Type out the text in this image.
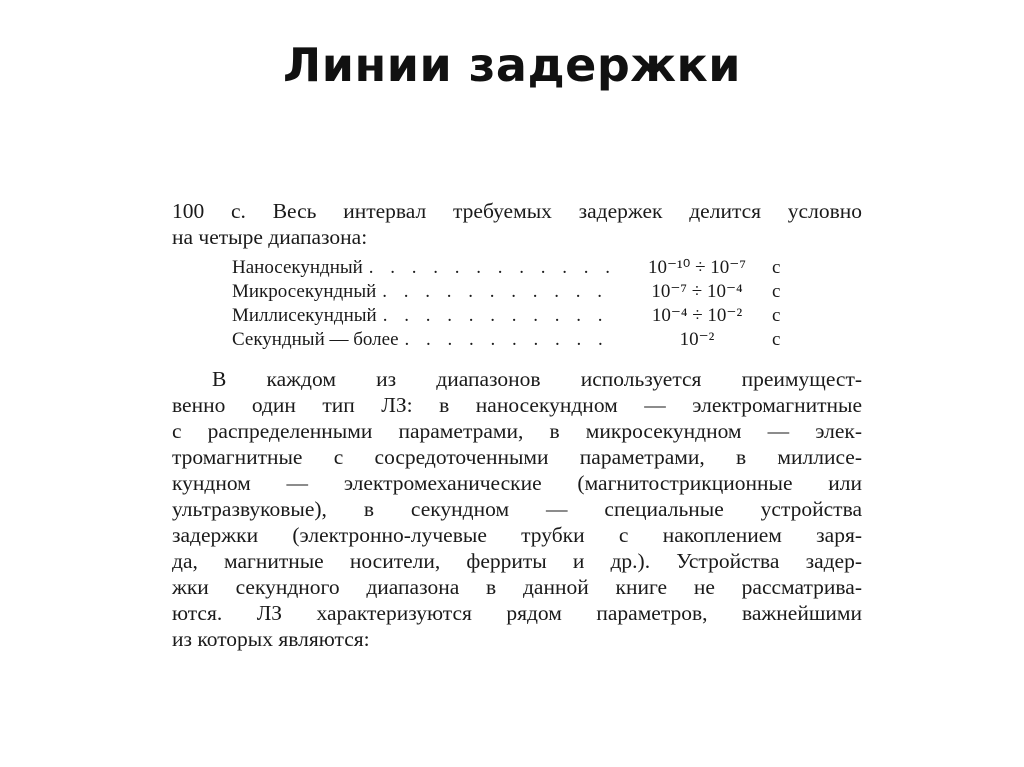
Линии задержки
100 с. Весь интервал требуемых задержек делится условно
на четыре диапазона:
Наносекундный . . .	10⁻¹⁰ ÷ 10⁻⁷	с
Микросекундный . . .	10⁻⁷ ÷ 10⁻⁴	с
Миллисекундный . . .	10⁻⁴ ÷ 10⁻²	с
Секундный — более . . .	10⁻²	с
В каждом из диапазонов используется преимущест-
венно один тип ЛЗ: в наносекундном — электромагнитные
с распределенными параметрами, в микросекундном — элек-
тромагнитные с сосредоточенными параметрами, в миллисе-
кундном — электромеханические (магнитострикционные или
ультразвуковые), в секундном — специальные устройства
задержки (электронно-лучевые трубки с накоплением заря-
да, магнитные носители, ферриты и др.). Устройства задер-
жки секундного диапазона в данной книге не рассматрива-
ются. ЛЗ характеризуются рядом параметров, важнейшими
из которых являются:
